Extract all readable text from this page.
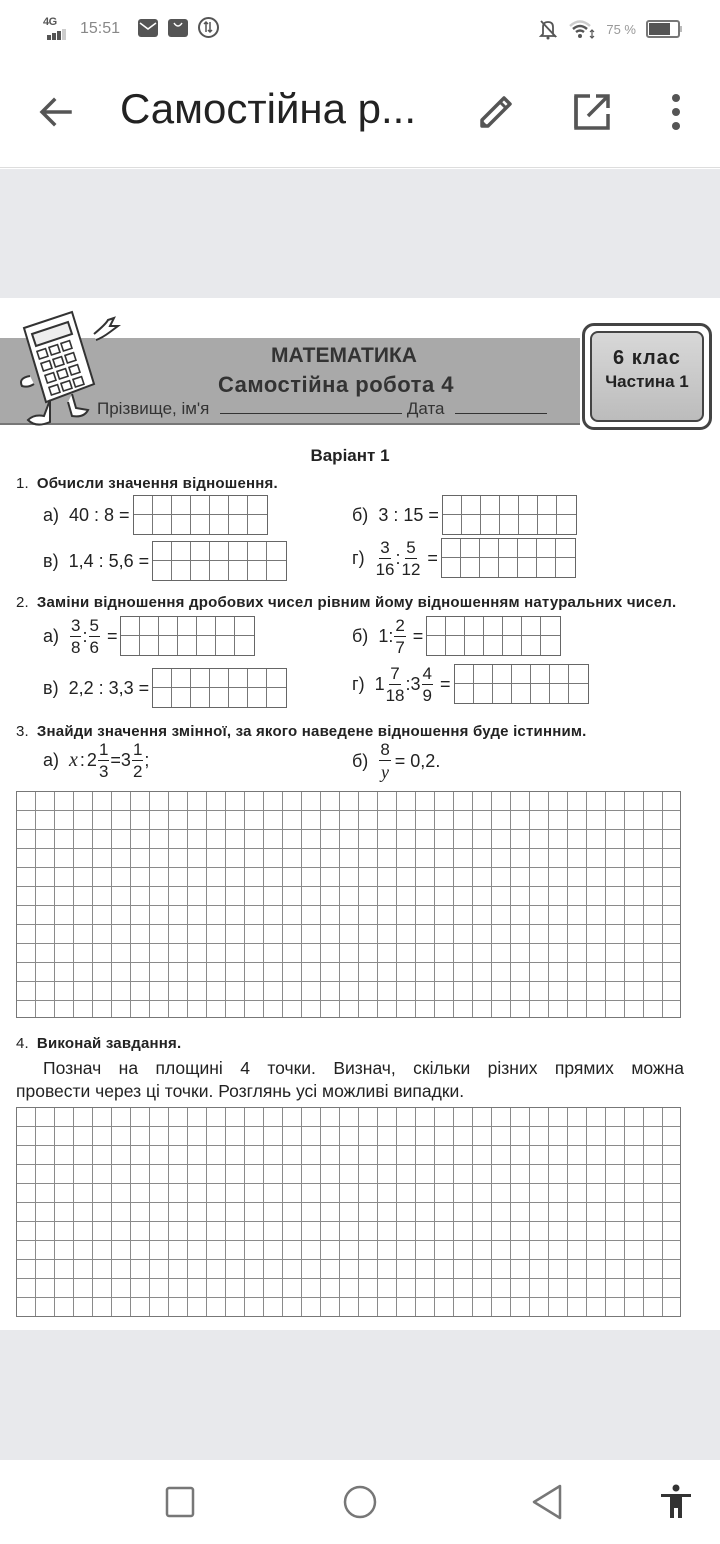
4G 15:51	75 %
Самостійна р...
МАТЕМАТИКА
Самостійна робота 4
Прізвище, ім'я	Дата
6 клас
Частина 1
Варіант 1
1. Обчисли значення відношення.
а) 40 : 8 =	б) 3 : 15 =
в) 1,4 : 5,6 =	$г) \frac{3}{16}$ : $\frac{5}{12}$ =
2. Заміни відношення дробових чисел рівним йому відношенням натуральних чисел.
$а) \frac{3}{8}$ : $\frac{5}{6}$ =	б) 1: $\frac{2}{7}$ =
в) 2,2 : 3,3 =	г) $1 \frac{7}{18}$ : $3 \frac{4}{9}$ =
3. Знайди значення змінної, за якого наведене відношення буде істинним.
а) x : $2 \frac{1}{3} = 3 \frac{1}{2}$ ;	$б) \frac{8}{y} = 0,2$.
4. Виконай завдання.
Познач на площині 4 точки. Визнач, скільки різних прямих можна
провести через ці точки. Розглянь усі можливі випадки.
